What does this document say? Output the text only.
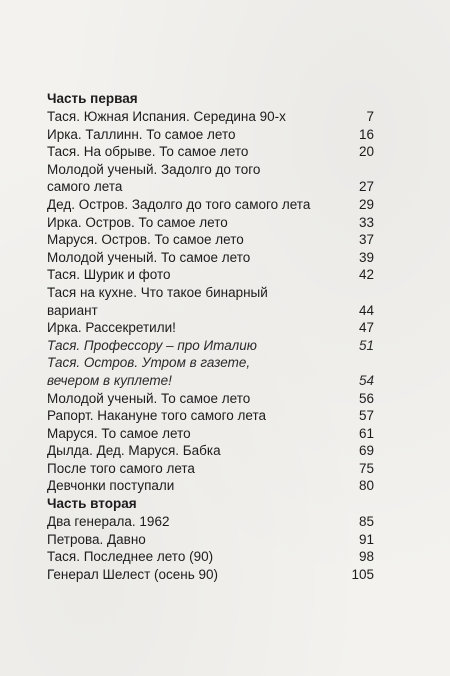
Часть первая
Тася. Южная Испания. Середина 90-х	7
Ирка. Таллинн. То самое лето	16
Тася. На обрыве. То самое лето	20
Молодой ученый. Задолго до того самого лета	27
Дед. Остров. Задолго до того самого лета	29
Ирка. Остров. То самое лето	33
Маруся. Остров. То самое лето	37
Молодой ученый. То самое лето	39
Тася. Шурик и фото	42
Тася на кухне. Что такое бинарный вариант	44
Ирка. Рассекретили!	47
Тася. Профессору – про Италию	51
Тася. Остров. Утром в газете, вечером в куплете!	54
Молодой ученый. То самое лето	56
Рапорт. Накануне того самого лета	57
Маруся. То самое лето	61
Дылда. Дед. Маруся. Бабка	69
После того самого лета	75
Девчонки поступали	80
Часть вторая
Два генерала. 1962	85
Петрова. Давно	91
Тася. Последнее лето (90)	98
Генерал Шелест (осень 90)	105
